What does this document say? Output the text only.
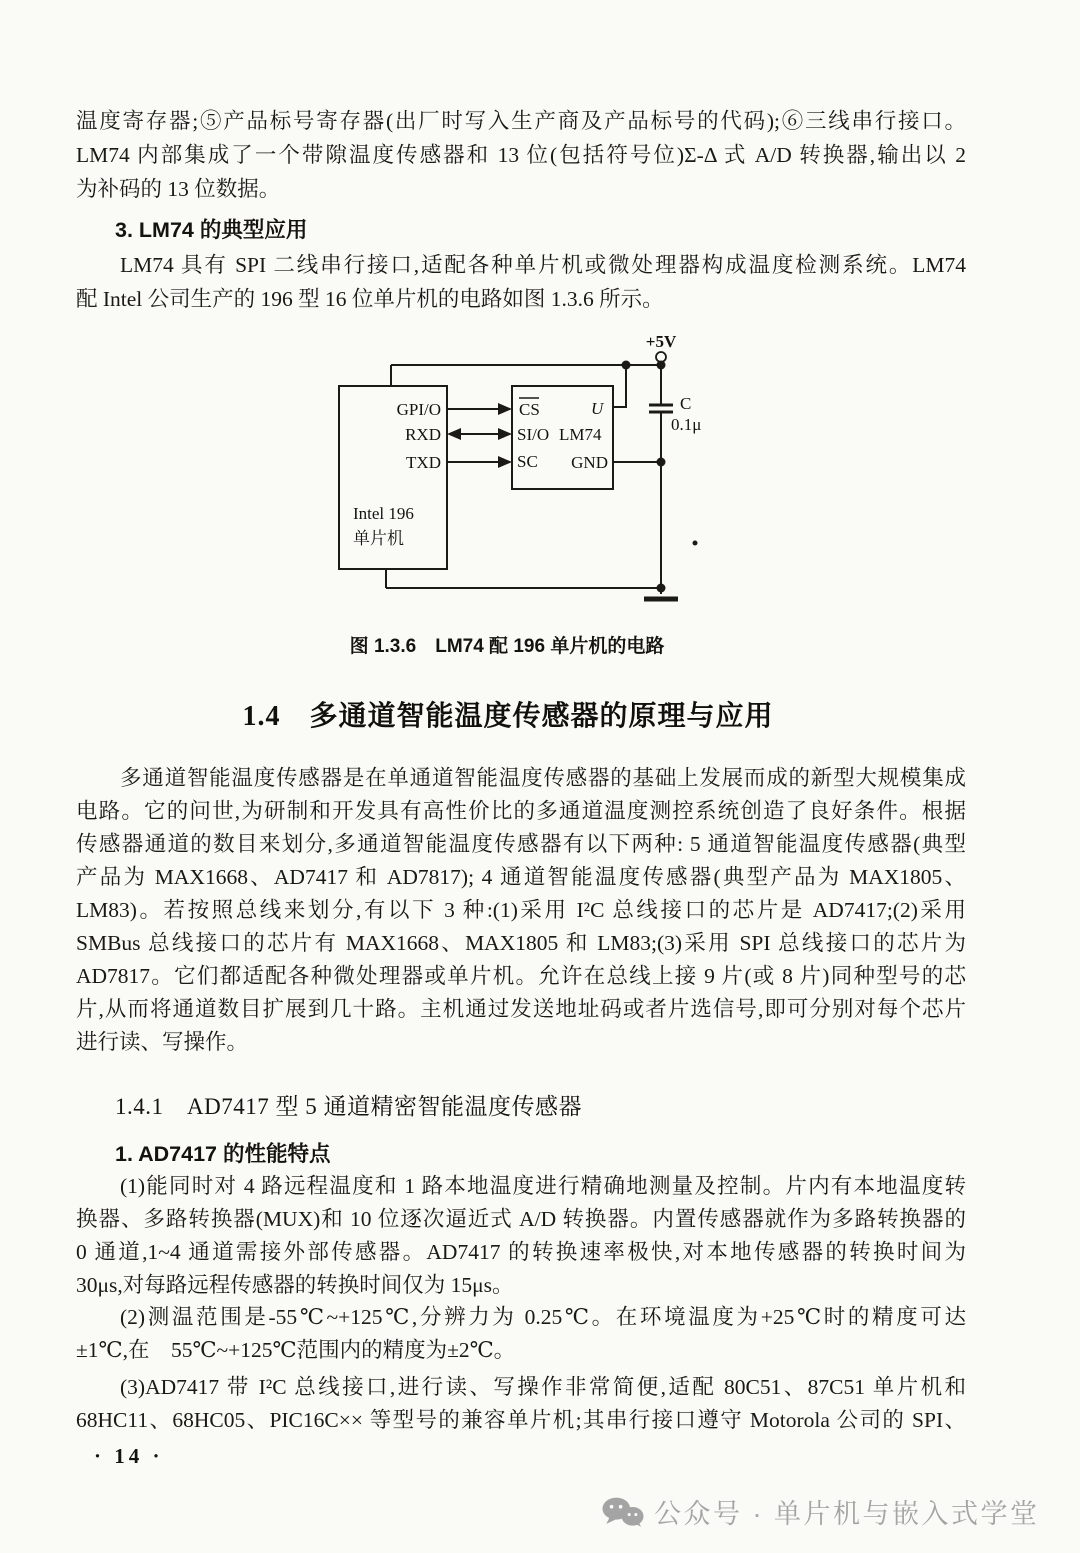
温度寄存器;⑤产品标号寄存器(出厂时写入生产商及产品标号的代码);⑥三线串行接口。
LM74 内部集成了一个带隙温度传感器和 13 位(包括符号位)Σ-Δ 式 A/D 转换器,输出以 2
为补码的 13 位数据。
3. LM74 的典型应用
LM74 具有 SPI 二线串行接口,适配各种单片机或微处理器构成温度检测系统。LM74
配 Intel 公司生产的 196 型 16 位单片机的电路如图 1.3.6 所示。
+5V
GPI/O
RXD
TXD
Intel 196
单片机
CS
SI/O
SC
LM74
U
GND
C
0.1μ
图 1.3.6　LM74 配 196 单片机的电路
1.4　多通道智能温度传感器的原理与应用
多通道智能温度传感器是在单通道智能温度传感器的基础上发展而成的新型大规模集成
电路。它的问世,为研制和开发具有高性价比的多通道温度测控系统创造了良好条件。根据
传感器通道的数目来划分,多通道智能温度传感器有以下两种: 5 通道智能温度传感器(典型
产品为 MAX1668、AD7417 和 AD7817); 4 通道智能温度传感器(典型产品为 MAX1805、
LM83)。若按照总线来划分,有以下 3 种:(1)采用 I²C 总线接口的芯片是 AD7417;(2)采用
SMBus 总线接口的芯片有 MAX1668、MAX1805 和 LM83;(3)采用 SPI 总线接口的芯片为
AD7817。它们都适配各种微处理器或单片机。允许在总线上接 9 片(或 8 片)同种型号的芯
片,从而将通道数目扩展到几十路。主机通过发送地址码或者片选信号,即可分别对每个芯片
进行读、写操作。
1.4.1　AD7417 型 5 通道精密智能温度传感器
1. AD7417 的性能特点
(1)能同时对 4 路远程温度和 1 路本地温度进行精确地测量及控制。片内有本地温度转
换器、多路转换器(MUX)和 10 位逐次逼近式 A/D 转换器。内置传感器就作为多路转换器的
0 通道,1~4 通道需接外部传感器。AD7417 的转换速率极快,对本地传感器的转换时间为
30μs,对每路远程传感器的转换时间仅为 15μs。
(2)测温范围是-55℃~+125℃,分辨力为 0.25℃。在环境温度为+25℃时的精度可达
±1℃,在　55℃~+125℃范围内的精度为±2℃。
(3)AD7417 带 I²C 总线接口,进行读、写操作非常简便,适配 80C51、87C51 单片机和
68HC11、68HC05、PIC16C×× 等型号的兼容单片机;其串行接口遵守 Motorola 公司的 SPI、
· 14 ·
公众号 · 单片机与嵌入式学堂
